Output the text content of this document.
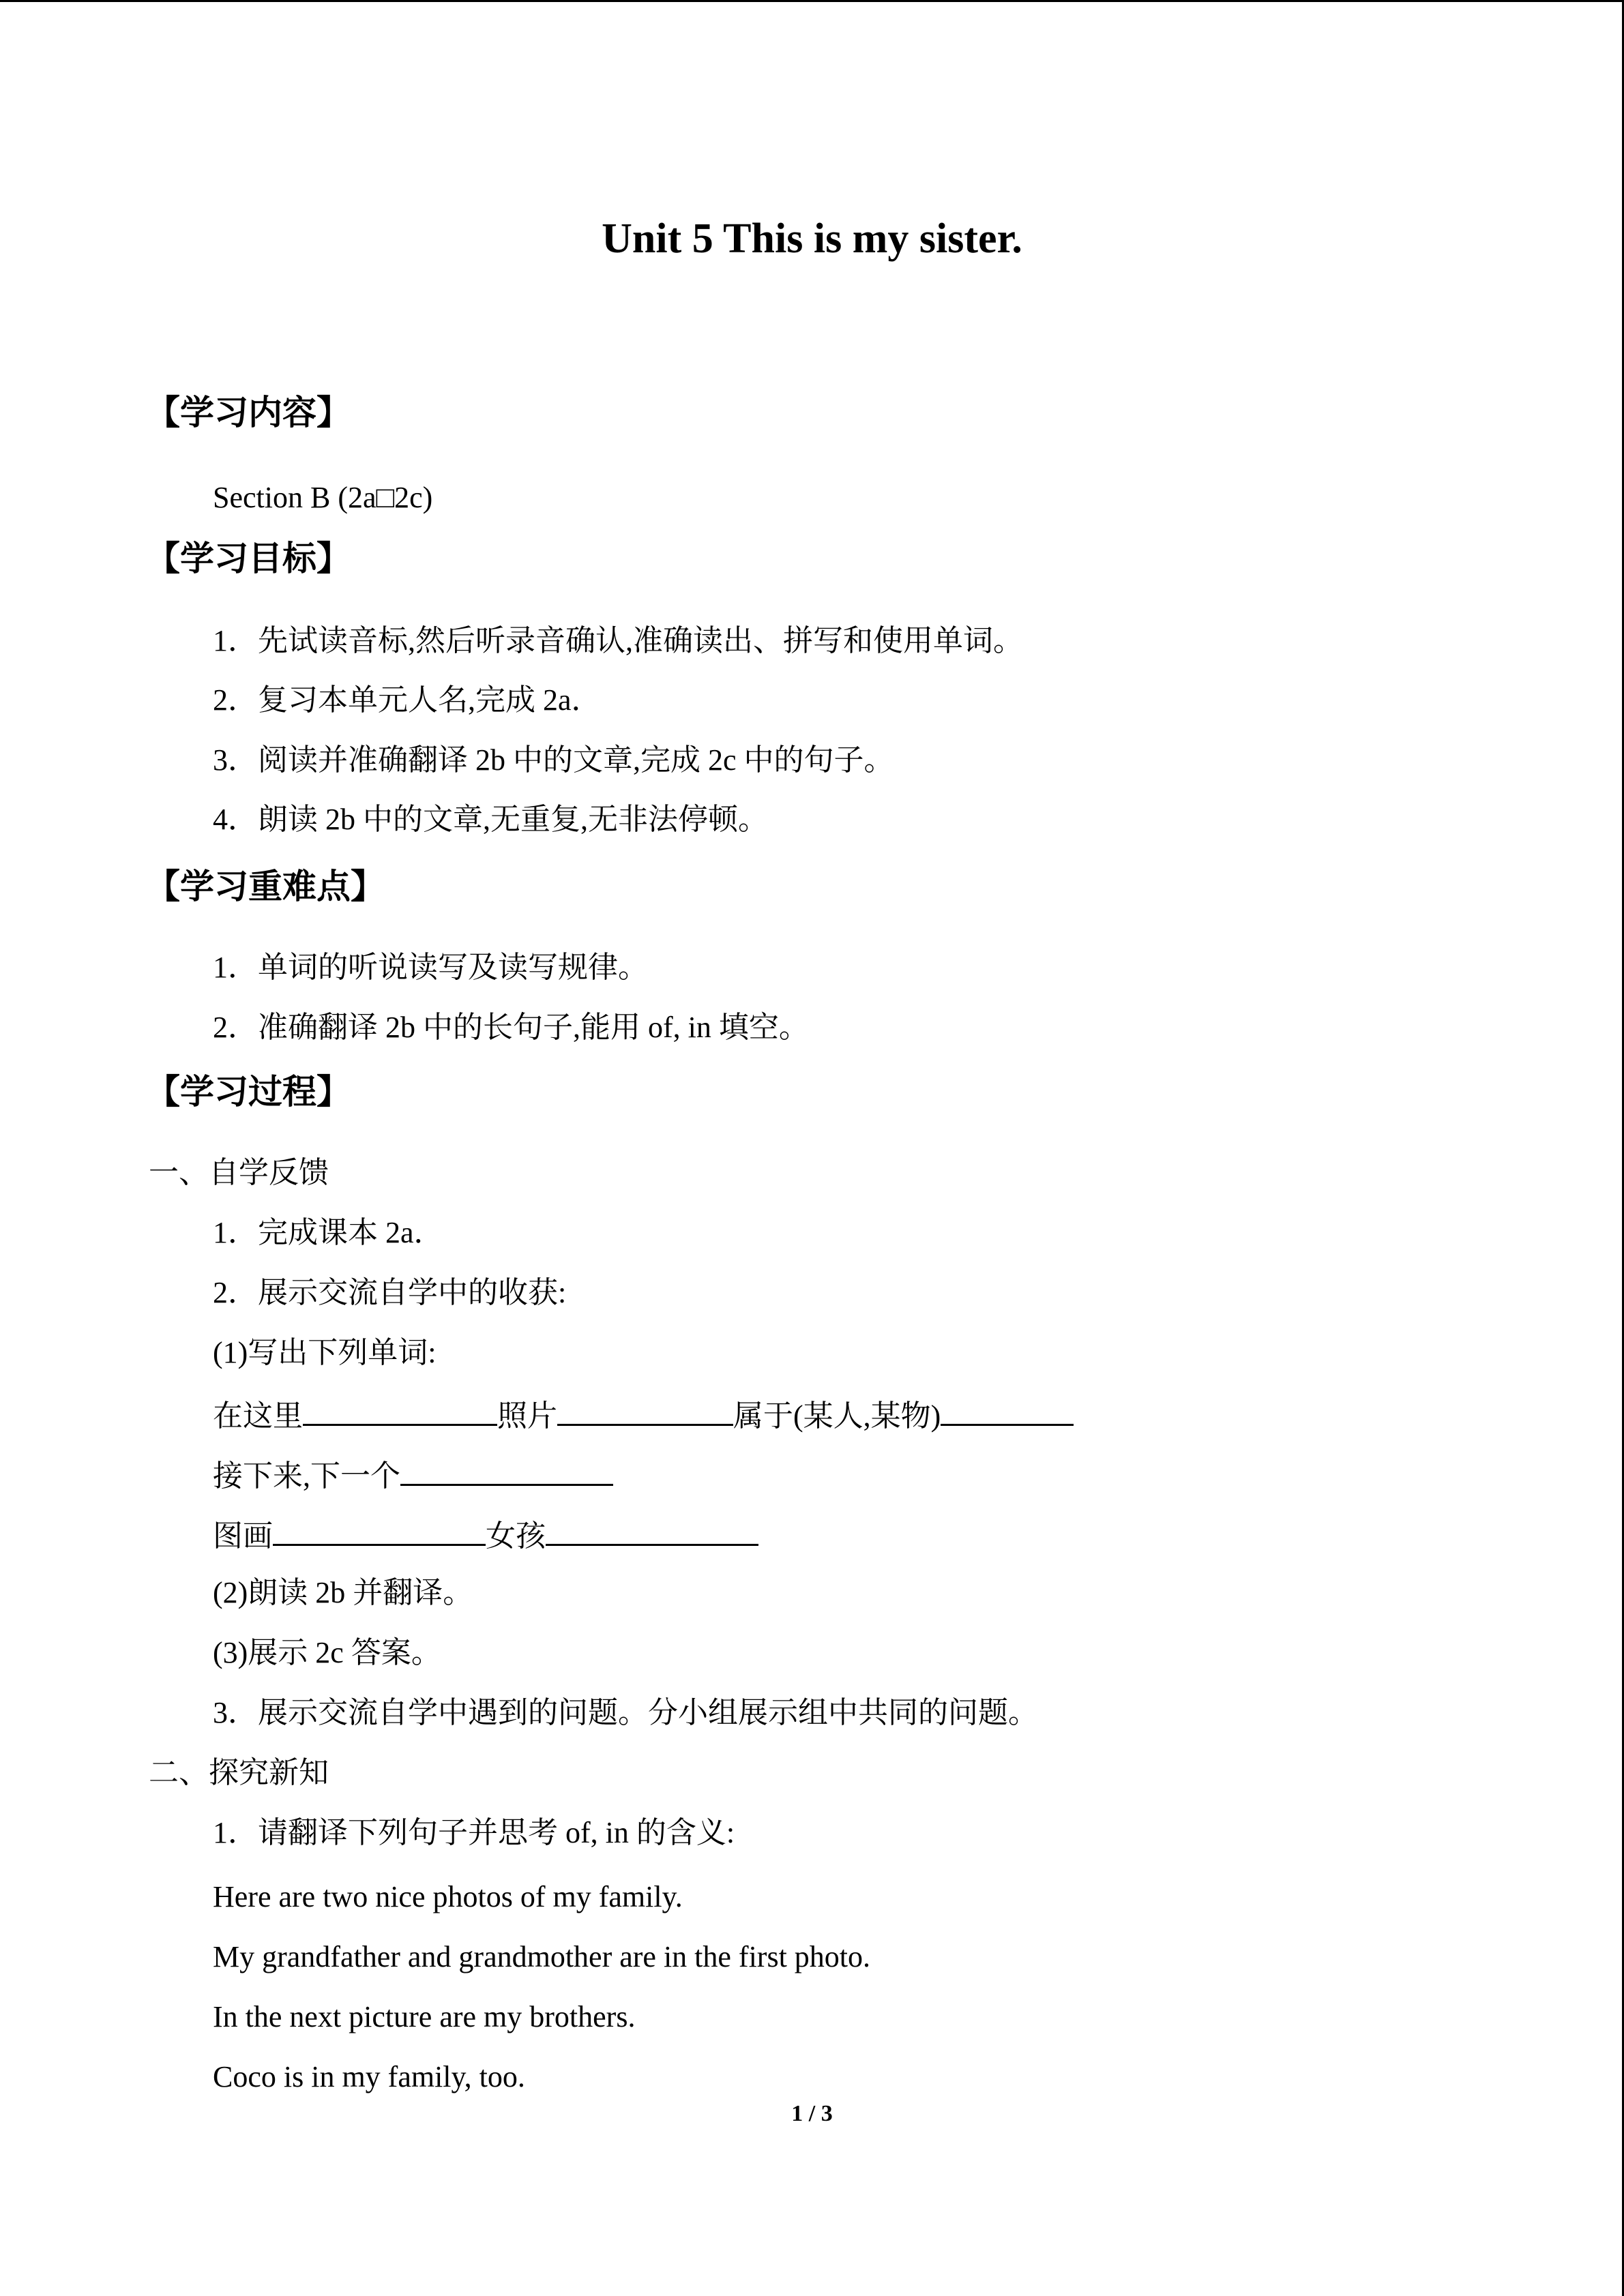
Unit 5 This is my sister.
【学习内容】
Section B (2a□2c)
【学习目标】
1．先试读音标,然后听录音确认,准确读出、拼写和使用单词。
2．复习本单元人名,完成 2a．
3．阅读并准确翻译 2b 中的文章,完成 2c 中的句子。
4．朗读 2b 中的文章,无重复,无非法停顿。
【学习重难点】
1．单词的听说读写及读写规律。
2．准确翻译 2b 中的长句子,能用 of, in 填空。
【学习过程】
一、自学反馈
1．完成课本 2a．
2．展示交流自学中的收获:
(1)写出下列单词:
在这里	照片	属于(某人,某物)
接下来,下一个
图画	女孩
(2)朗读 2b 并翻译。
(3)展示 2c 答案。
3．展示交流自学中遇到的问题。分小组展示组中共同的问题。
二、探究新知
1．请翻译下列句子并思考 of, in 的含义:
Here are two nice photos of my family.
My grandfather and grandmother are in the first photo.
In the next picture are my brothers.
Coco is in my family, too.
1 / 3
